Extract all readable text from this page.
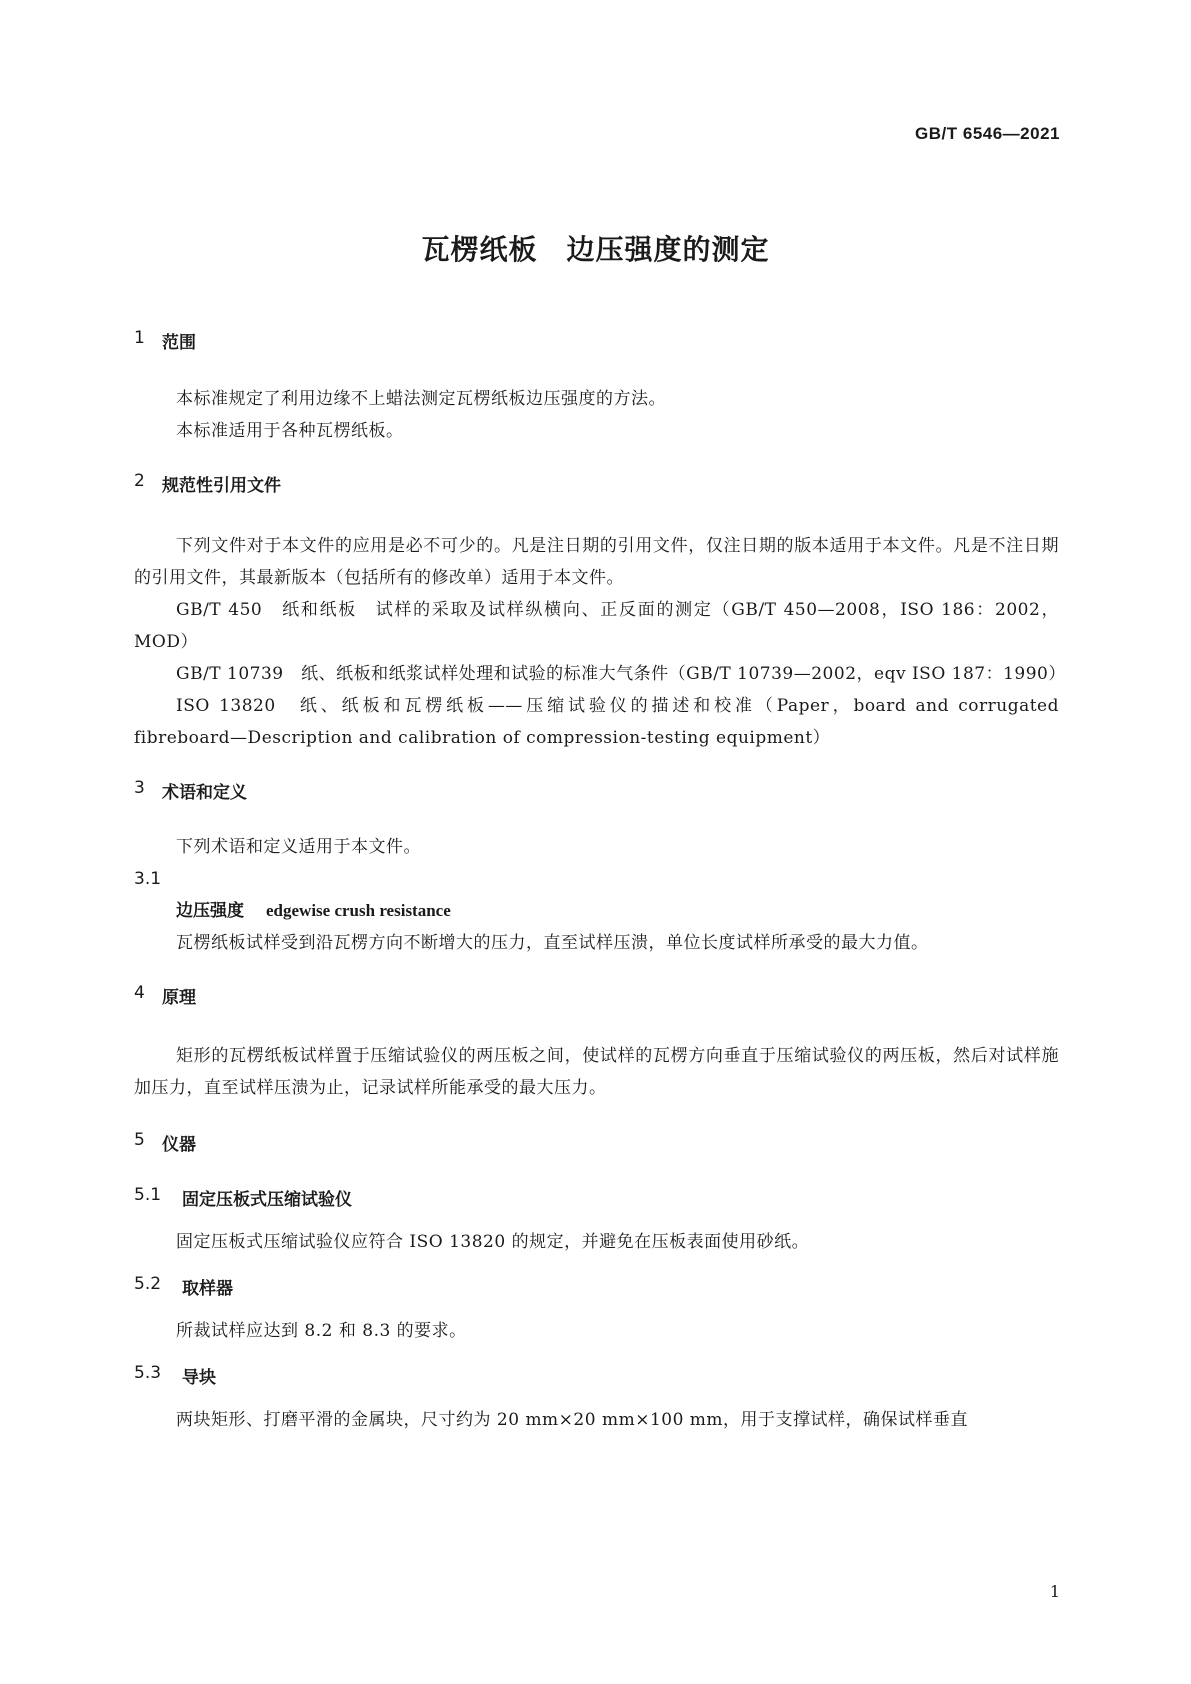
GB/T 6546—2021
瓦楞纸板　边压强度的测定
1	范围

本标准规定了利用边缘不上蜡法测定瓦楞纸板边压强度的方法。

本标准适用于各种瓦楞纸板。

2	规范性引用文件

下列文件对于本文件的应用是必不可少的。凡是注日期的引用文件，仅注日期的版本适用于本文件。凡是不注日期的引用文件，其最新版本（包括所有的修改单）适用于本文件。

GB/T 450　纸和纸板　试样的采取及试样纵横向、正反面的测定（GB/T 450—2008，ISO 186：2002，MOD）

GB/T 10739　纸、纸板和纸浆试样处理和试验的标准大气条件（GB/T 10739—2002，eqv ISO 187：1990）

ISO 13820　纸、纸板和瓦楞纸板——压缩试验仪的描述和校准（Paper，board and corrugated fibreboard—Description and calibration of compression-testing equipment）

3	术语和定义

下列术语和定义适用于本文件。

3.1

边压强度 edgewise crush resistance

瓦楞纸板试样受到沿瓦楞方向不断增大的压力，直至试样压溃，单位长度试样所承受的最大力值。

4	原理

矩形的瓦楞纸板试样置于压缩试验仪的两压板之间，使试样的瓦楞方向垂直于压缩试验仪的两压板，然后对试样施加压力，直至试样压溃为止，记录试样所能承受的最大压力。

5	仪器
5.1	固定压板式压缩试验仪

固定压板式压缩试验仪应符合 ISO 13820 的规定，并避免在压板表面使用砂纸。

5.2	取样器

所裁试样应达到 8.2 和 8.3 的要求。

5.3	导块

两块矩形、打磨平滑的金属块，尺寸约为 20 mm×20 mm×100 mm，用于支撑试样，确保试样垂直

1
